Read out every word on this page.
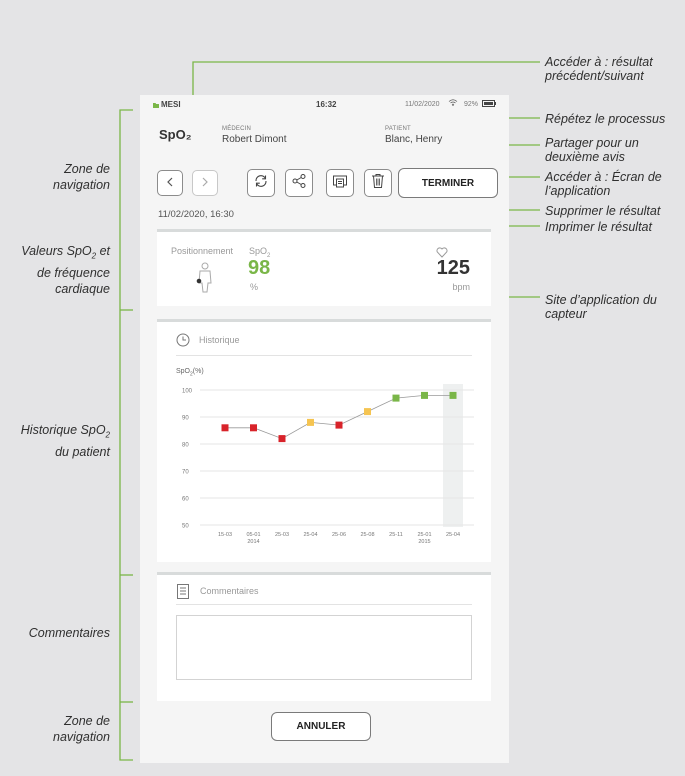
Zone de
navigation
Valeurs SpO$_2$ et
de fréquence
cardiaque
Historique SpO$_2$
du patient
Commentaires
Zone de
navigation
Accéder à : résultat précédent/suivant
Répétez le processus
Partager pour un deuxième avis
Accéder à : Écran de l’application
Supprimer le résultat
Imprimer le résultat
Site d’application du capteur
MESI	16:32	11/02/2020	92%
SpO₂	MÉDECIN
Robert Dimont
PATIENT
Blanc, Henry
TERMINER
11/02/2020, 16:30
Positionnement SpO$_2$
98
%
125
bpm
Historique
SpO$_2$(%)
100
90
80
70
60
50
15-03	05-01
2014
25-03	25-04	25-06	25-08	25-11	25-01
2015
25-04
Commentaires
ANNULER
